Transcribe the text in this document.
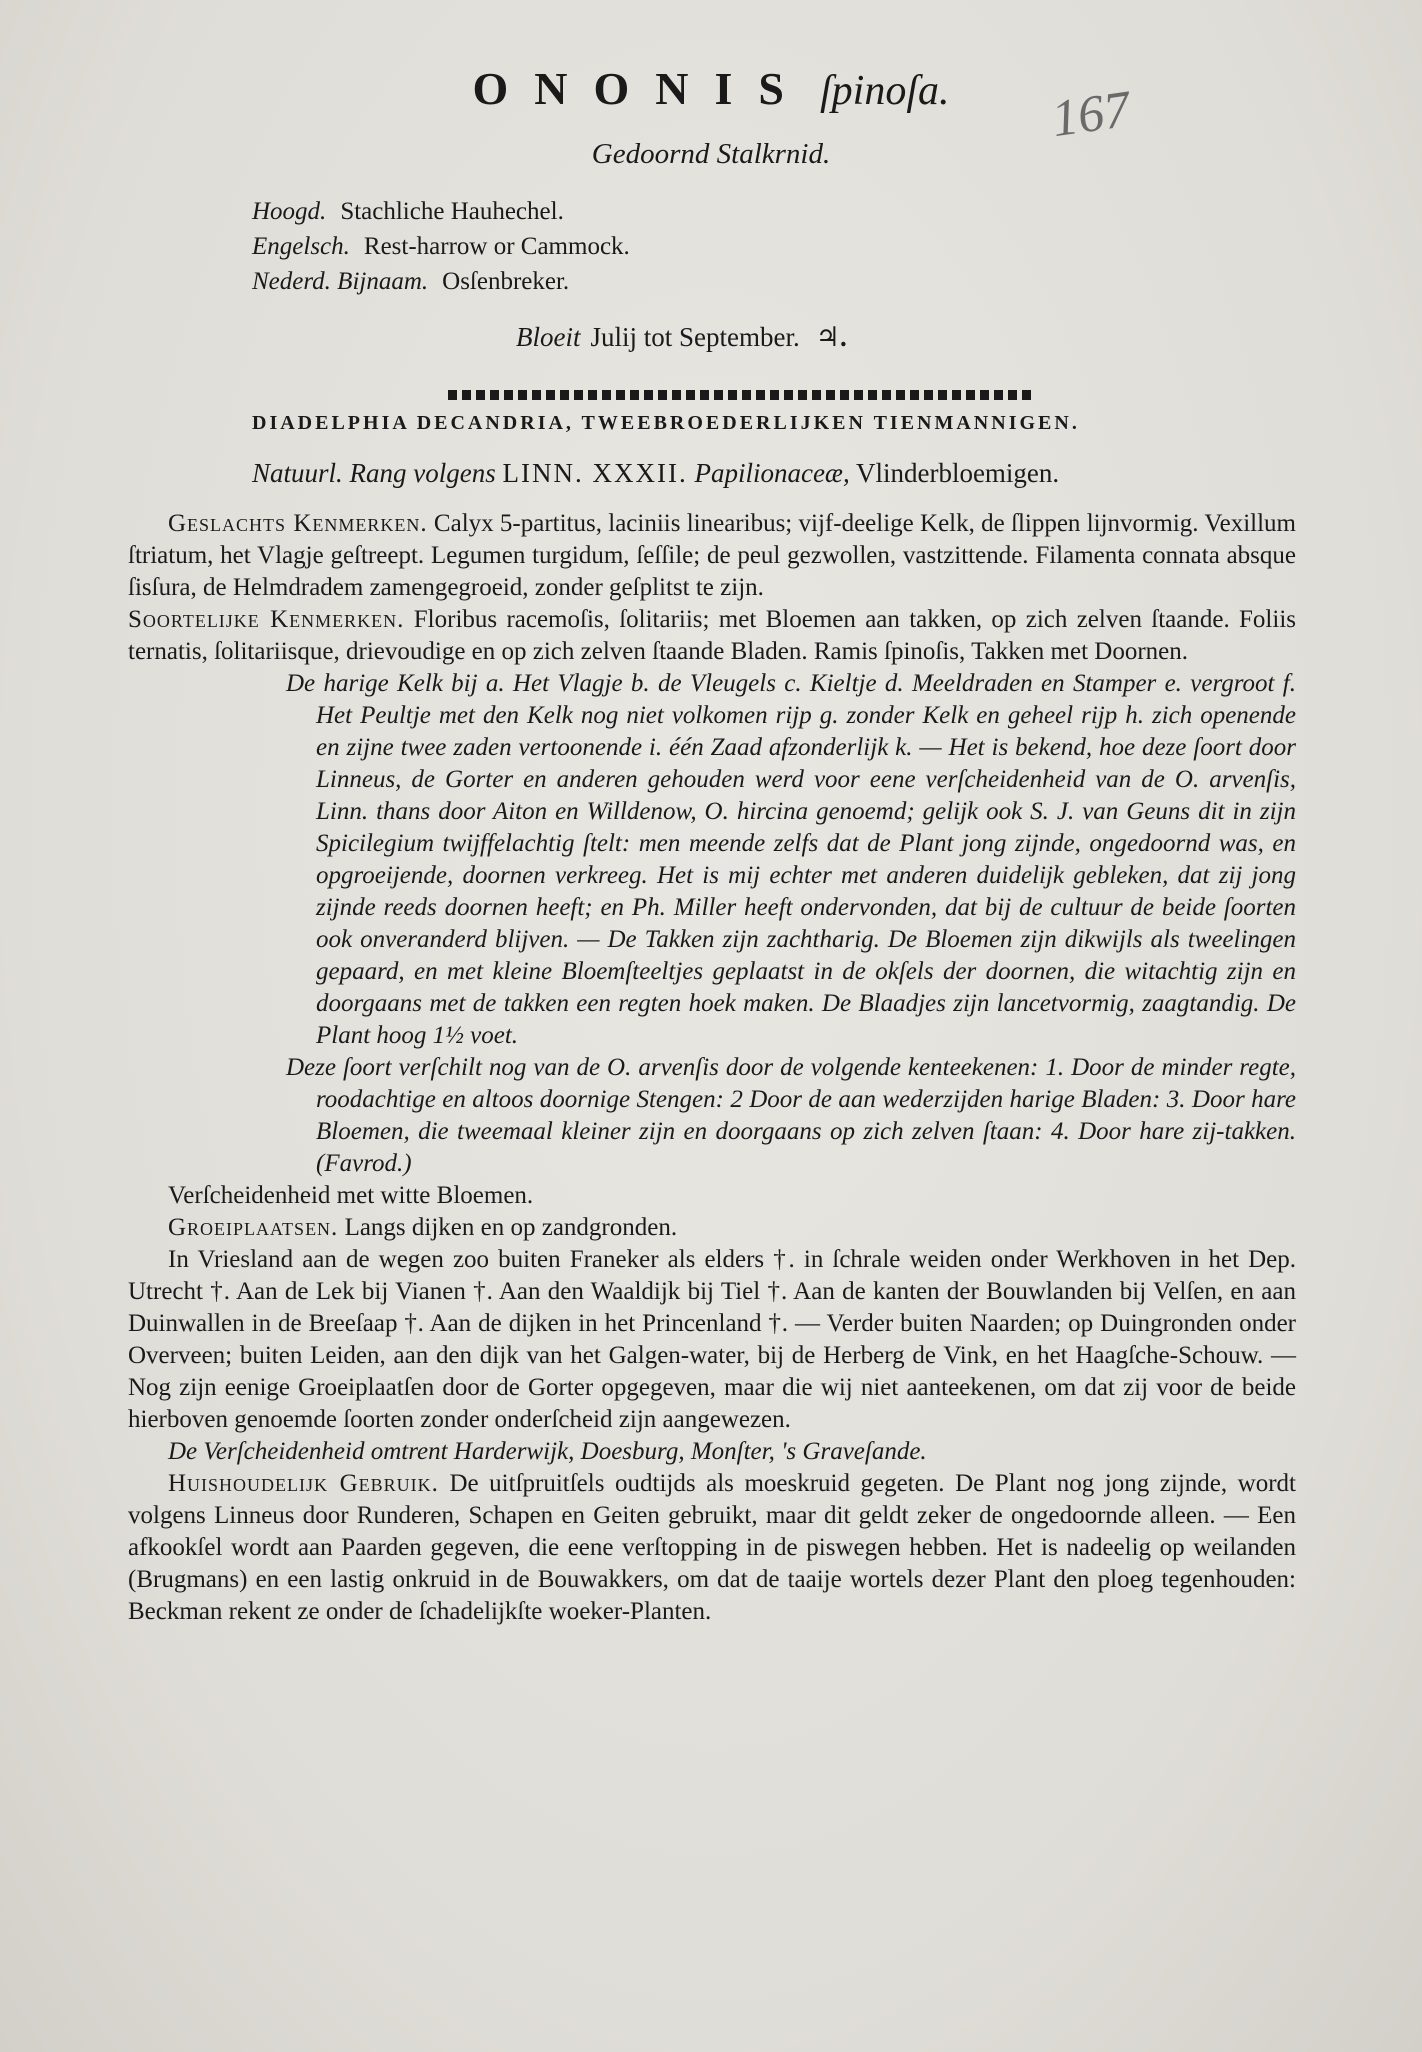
ONONIS ſpinoſa.	167
Gedoornd Stalkrnid.
Hoogd. Stachliche Hauhechel.
Engelsch. Rest-harrow or Cammock.
Nederd. Bijnaam. Osſenbreker.
Bloeit Julij tot September. ♃.
DIADELPHIA DECANDRIA, TWEEBROEDERLIJKEN TIENMANNIGEN.
Natuurl. Rang volgens LINN. XXXII. Papilionaceæ, Vlinderbloemigen.

Geslachts Kenmerken. Calyx 5-partitus, laciniis linearibus; vijf-deelige Kelk, de ſlippen lijnvormig. Vexillum ſtriatum, het Vlagje geſtreept. Legumen turgidum, ſeſſile; de peul gezwollen, vastzittende. Filamenta connata absque ſisſura, de Helmdradem zamengegroeid, zonder geſplitst te zijn.

Soortelijke Kenmerken. Floribus racemoſis, ſolitariis; met Bloemen aan takken, op zich zelven ſtaande. Foliis ternatis, ſolitariisque, drievoudige en op zich zelven ſtaande Bladen. Ramis ſpinoſis, Takken met Doornen.

De harige Kelk bij a. Het Vlagje b. de Vleugels c. Kieltje d. Meeldraden en Stamper e. vergroot f. Het Peultje met den Kelk nog niet volkomen rijp g. zonder Kelk en geheel rijp h. zich openende en zijne twee zaden vertoonende i. één Zaad afzonderlijk k. — Het is bekend, hoe deze ſoort door Linneus, de Gorter en anderen gehouden werd voor eene verſcheidenheid van de O. arvenſis, Linn. thans door Aiton en Willdenow, O. hircina genoemd; gelijk ook S. J. van Geuns dit in zijn Spicilegium twijffelachtig ſtelt: men meende zelfs dat de Plant jong zijnde, ongedoornd was, en opgroeijende, doornen verkreeg. Het is mij echter met anderen duidelijk gebleken, dat zij jong zijnde reeds doornen heeft; en Ph. Miller heeft ondervonden, dat bij de cultuur de beide ſoorten ook onveranderd blijven. — De Takken zijn zachtharig. De Bloemen zijn dikwijls als tweelingen gepaard, en met kleine Bloemſteeltjes geplaatst in de okſels der doornen, die witachtig zijn en doorgaans met de takken een regten hoek maken. De Blaadjes zijn lancetvormig, zaagtandig. De Plant hoog 1½ voet.

Deze ſoort verſchilt nog van de O. arvenſis door de volgende kenteekenen: 1. Door de minder regte, roodachtige en altoos doornige Stengen: 2 Door de aan wederzijden harige Bladen: 3. Door hare Bloemen, die tweemaal kleiner zijn en doorgaans op zich zelven ſtaan: 4. Door hare zij-takken. (Favrod.)

Verſcheidenheid met witte Bloemen.

Groeiplaatsen. Langs dijken en op zandgronden.

In Vriesland aan de wegen zoo buiten Franeker als elders †. in ſchrale weiden onder Werkhoven in het Dep. Utrecht †. Aan de Lek bij Vianen †. Aan den Waaldijk bij Tiel †. Aan de kanten der Bouwlanden bij Velſen, en aan Duinwallen in de Breeſaap †. Aan de dijken in het Princenland †. — Verder buiten Naarden; op Duingronden onder Overveen; buiten Leiden, aan den dijk van het Galgen-water, bij de Herberg de Vink, en het Haagſche-Schouw. — Nog zijn eenige Groeiplaatſen door de Gorter opgegeven, maar die wij niet aanteekenen, om dat zij voor de beide hierboven genoemde ſoorten zonder onderſcheid zijn aangewezen.

De Verſcheidenheid omtrent Harderwijk, Doesburg, Monſter, 's Graveſande.

Huishoudelijk Gebruik. De uitſpruitſels oudtijds als moeskruid gegeten. De Plant nog jong zijnde, wordt volgens Linneus door Runderen, Schapen en Geiten gebruikt, maar dit geldt zeker de ongedoornde alleen. — Een afkookſel wordt aan Paarden gegeven, die eene verſtopping in de piswegen hebben. Het is nadeelig op weilanden (Brugmans) en een lastig onkruid in de Bouwakkers, om dat de taaije wortels dezer Plant den ploeg tegenhouden: Beckman rekent ze onder de ſchadelijkſte woeker-Planten.
